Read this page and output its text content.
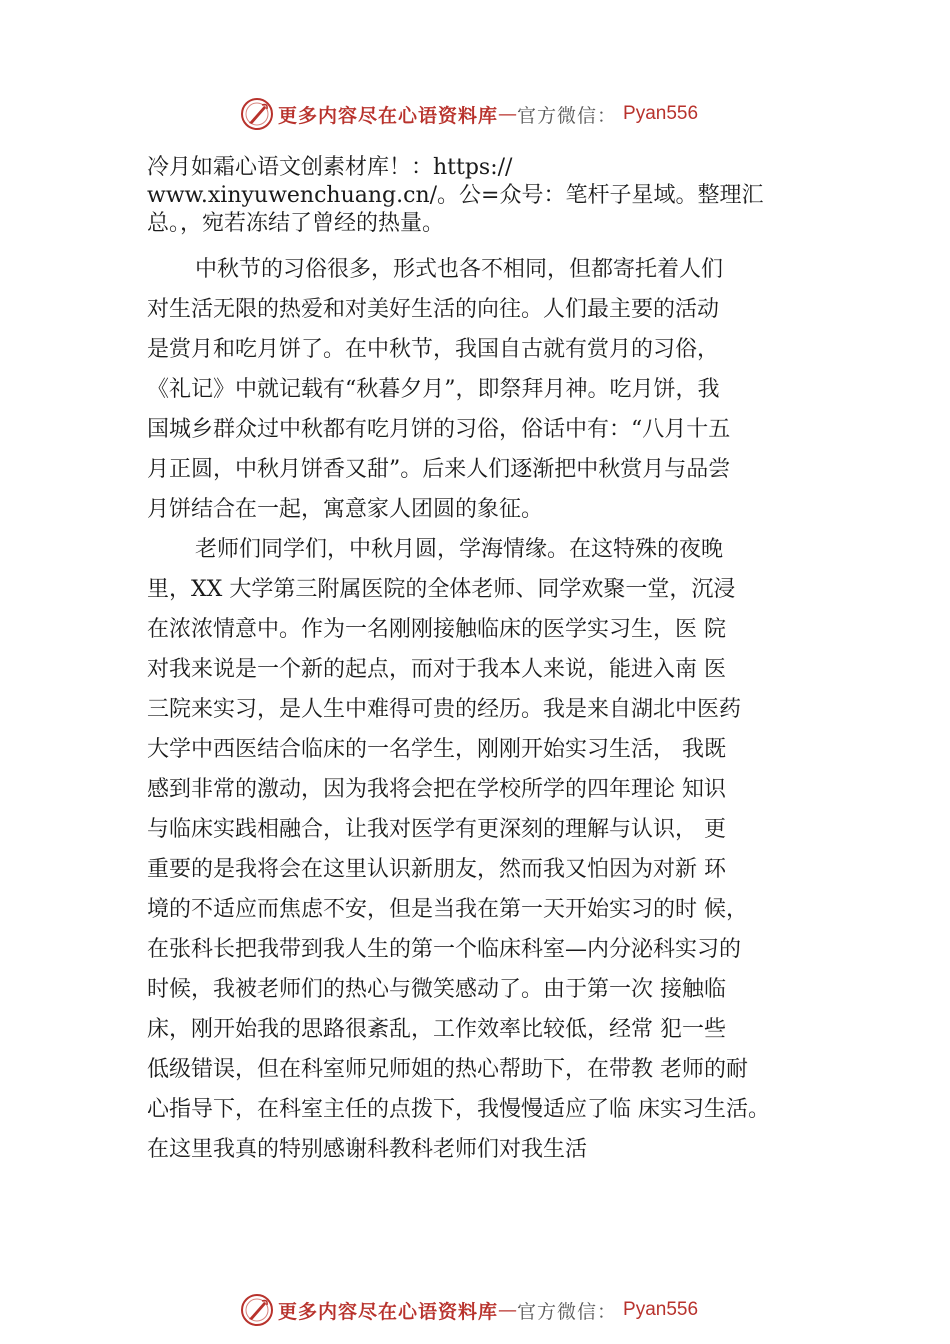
更多内容尽在心语资料库 — 官方微信： Pyan556
冷月如霜心语文创素材库！：https://
www.xinyuwenchuang.cn/。公=众号：笔杆子星域。整理汇
总。，宛若冻结了曾经的热量。
中秋节的习俗很多，形式也各不相同，但都寄托着人们
对生活无限的热爱和对美好生活的向往。人们最主要的活动
是赏月和吃月饼了。在中秋节，我国自古就有赏月的习俗，
《礼记》中就记载有“秋暮夕月”，即祭拜月神。吃月饼，我
国城乡群众过中秋都有吃月饼的习俗，俗话中有：“八月十五
月正圆，中秋月饼香又甜”。后来人们逐渐把中秋赏月与品尝
月饼结合在一起，寓意家人团圆的象征。
老师们同学们，中秋月圆，学海情缘。在这特殊的夜晚
里，XX 大学第三附属医院的全体老师、同学欢聚一堂，沉浸
在浓浓情意中。作为一名刚刚接触临床的医学实习生，医 院
对我来说是一个新的起点，而对于我本人来说，能进入南 医
三院来实习，是人生中难得可贵的经历。我是来自湖北中医药
大学中西医结合临床的一名学生，刚刚开始实习生活， 我既
感到非常的激动，因为我将会把在学校所学的四年理论 知识
与临床实践相融合，让我对医学有更深刻的理解与认识， 更
重要的是我将会在这里认识新朋友，然而我又怕因为对新 环
境的不适应而焦虑不安，但是当我在第一天开始实习的时 候，
在张科长把我带到我人生的第一个临床科室—内分泌科实习的
时候，我被老师们的热心与微笑感动了。由于第一次 接触临
床，刚开始我的思路很紊乱，工作效率比较低，经常 犯一些
低级错误，但在科室师兄师姐的热心帮助下，在带教 老师的耐
心指导下，在科室主任的点拨下，我慢慢适应了临 床实习生活。
在这里我真的特别感谢科教科老师们对我生活
更多内容尽在心语资料库 — 官方微信： Pyan556
